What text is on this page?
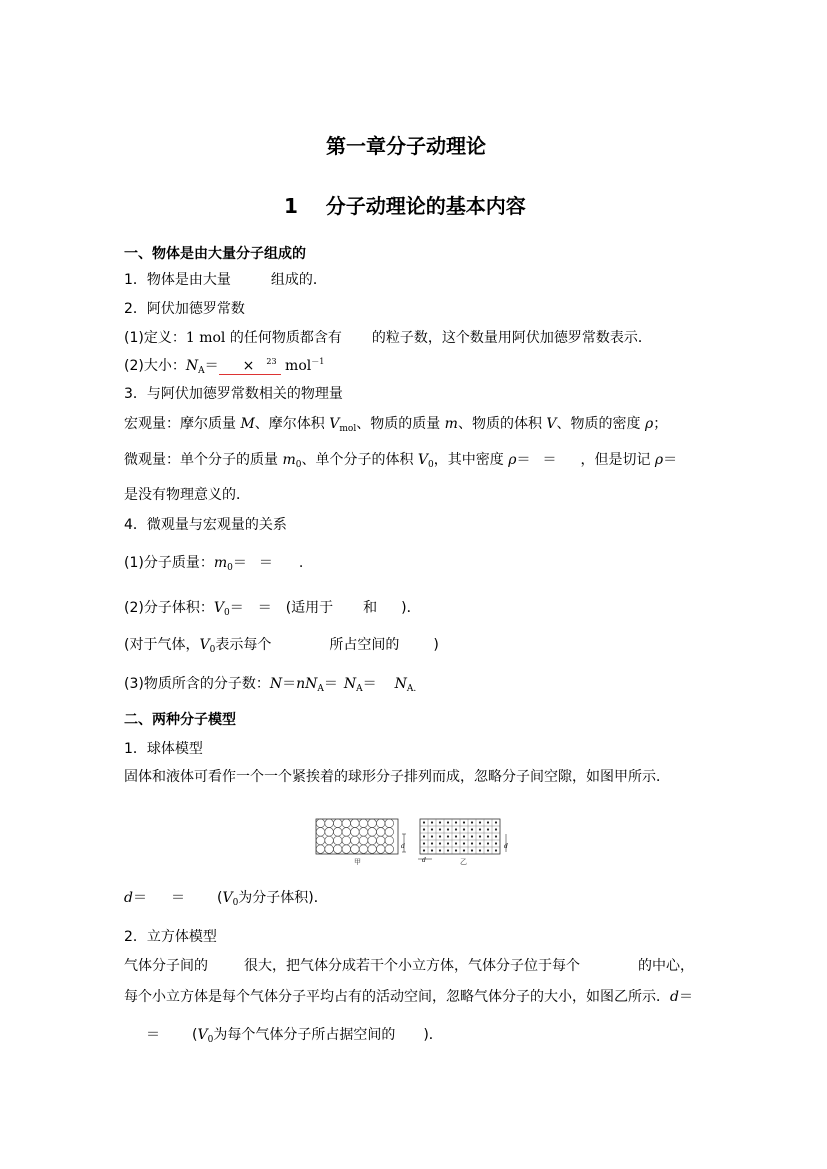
第一章分子动理论
1    分子动理论的基本内容
一、物体是由大量分子组成的
1．物体是由大量	组成的．
2．阿伏加德罗常数
(1)定义：1 mol 的任何物质都含有 的粒子数，这个数量用阿伏加德罗常数表示．
(2)大小：$N_A= \times ^{23}$ mol$^{-1}$
3．与阿伏加德罗常数相关的物理量
宏观量：摩尔质量 M、摩尔体积 $V_{mol}$、物质的质量 m、物质的体积 V、物质的密度 ρ；
微观量：单个分子的质量 $m_0$、单个分子的体积 $V_0$，其中密度 ρ＝ ＝ ，但是切记 ρ＝
是没有物理意义的．
4．微观量与宏观量的关系
(1)分子质量：$m_0=$ ＝ .
(2)分子体积：$V_0=$ ＝ (适用于 和 )．
(对于气体，$V_0$表示每个	所占空间的 )
(3)物质所含的分子数：$N=nN_A= N_A= N_{A.}$
二、两种分子模型
1．球体模型
固体和液体可看作一个一个紧挨着的球形分子排列而成，忽略分子间空隙，如图甲所示．
d
d
d
甲	乙
$d= = (V_0$为分子体积)．
2．立方体模型
气体分子间的	很大，把气体分成若干个小立方体，气体分子位于每个	的中心，
每个小立方体是每个气体分子平均占有的活动空间，忽略气体分子的大小，如图乙所示．d＝
＝ ($V_0$为每个气体分子所占据空间的 )．
